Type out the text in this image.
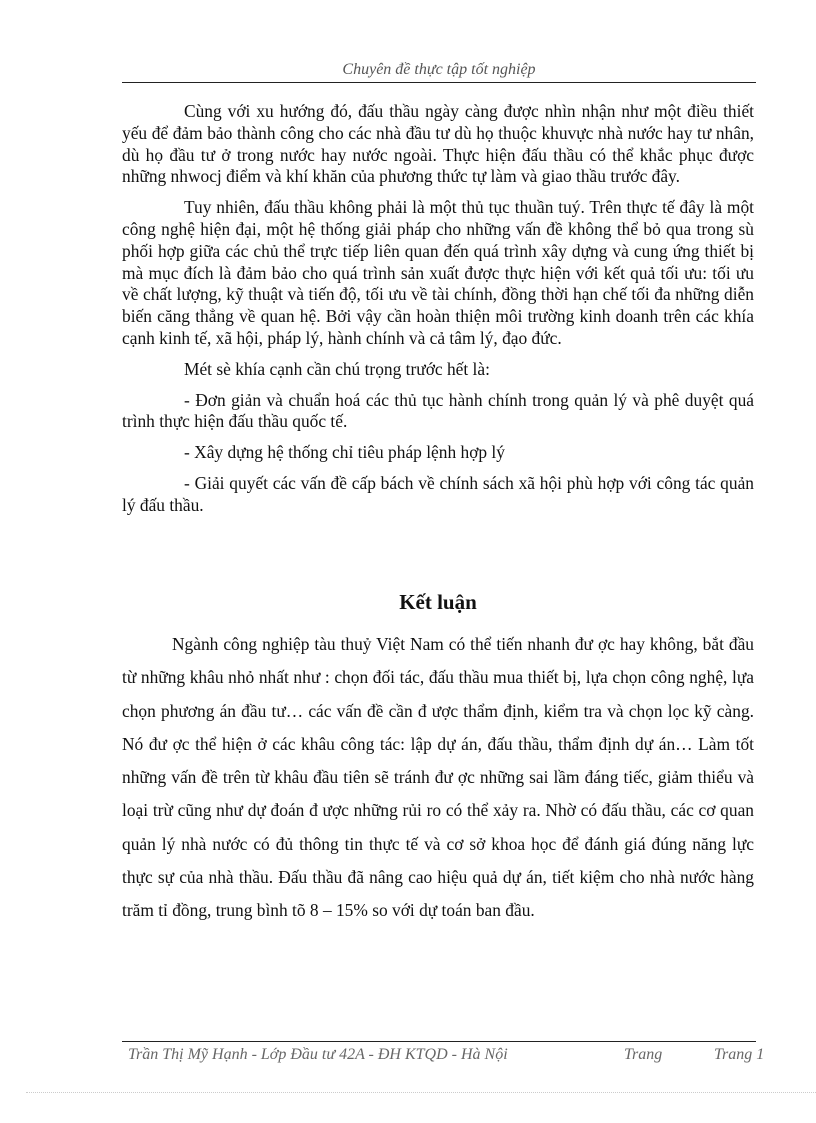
Chuyên đề thực tập tốt nghiệp

Cùng với xu hướng đó, đấu thầu ngày càng được nhìn nhận như một điều thiết yếu để đảm bảo thành công cho các nhà đầu tư dù họ thuộc khuvực nhà nước hay tư nhân, dù họ đầu tư ở trong nước hay nước ngoài. Thực hiện đấu thầu có thể khắc phục được những nhwocj điểm và khí khăn của phương thức tự làm và giao thầu trước đây.

Tuy nhiên, đấu thầu không phải là một thủ tục thuần tuý. Trên thực tế đây là một công nghệ hiện đại, một hệ thống giải pháp cho những vấn đề không thể bỏ qua trong sù phối hợp giữa các chủ thể trực tiếp liên quan đến quá trình xây dựng và cung ứng thiết bị mà mục đích là đảm bảo cho quá trình sản xuất được thực hiện với kết quả tối ưu: tối ưu về chất lượng, kỹ thuật và tiến độ, tối ưu về tài chính, đồng thời hạn chế tối đa những diễn biến căng thẳng về quan hệ. Bởi vậy cần hoàn thiện môi trường kinh doanh trên các khía cạnh kinh tế, xã hội, pháp lý, hành chính và cả tâm lý, đạo đức.

Mét sè khía cạnh cần chú trọng trước hết là:

- Đơn giản và chuẩn hoá các thủ tục hành chính trong quản lý và phê duyệt quá trình thực hiện đấu thầu quốc tế.

- Xây dựng hệ thống chỉ tiêu pháp lệnh hợp lý

- Giải quyết các vấn đề cấp bách về chính sách xã hội phù hợp với công tác quản lý đấu thầu.

Kết luận

Ngành công nghiệp tàu thuỷ Việt Nam có thể tiến nhanh đư ợc hay không, bắt đầu từ những khâu nhỏ nhất như : chọn đối tác, đấu thầu mua thiết bị, lựa chọn công nghệ, lựa chọn phương án đầu tư… các vấn đề cần đ ược thẩm định, kiểm tra và chọn lọc kỹ càng. Nó đư ợc thể hiện ở các khâu công tác: lập dự án, đấu thầu, thẩm định dự án… Làm tốt những vấn đề trên từ khâu đầu tiên sẽ tránh đư ợc những sai lầm đáng tiếc, giảm thiểu và loại trừ cũng như dự đoán đ ược những rủi ro có thể xảy ra. Nhờ có đấu thầu, các cơ quan quản lý nhà nước có đủ thông tin thực tế và cơ sở khoa học để đánh giá đúng năng lực thực sự của nhà thầu. Đấu thầu đã nâng cao hiệu quả dự án, tiết kiệm cho nhà nước hàng trăm tỉ đồng, trung bình tõ 8 – 15% so với dự toán ban đầu.

Trần Thị Mỹ Hạnh - Lớp Đầu tư 42A - ĐH KTQD - Hà Nội	Trang	Trang 1
